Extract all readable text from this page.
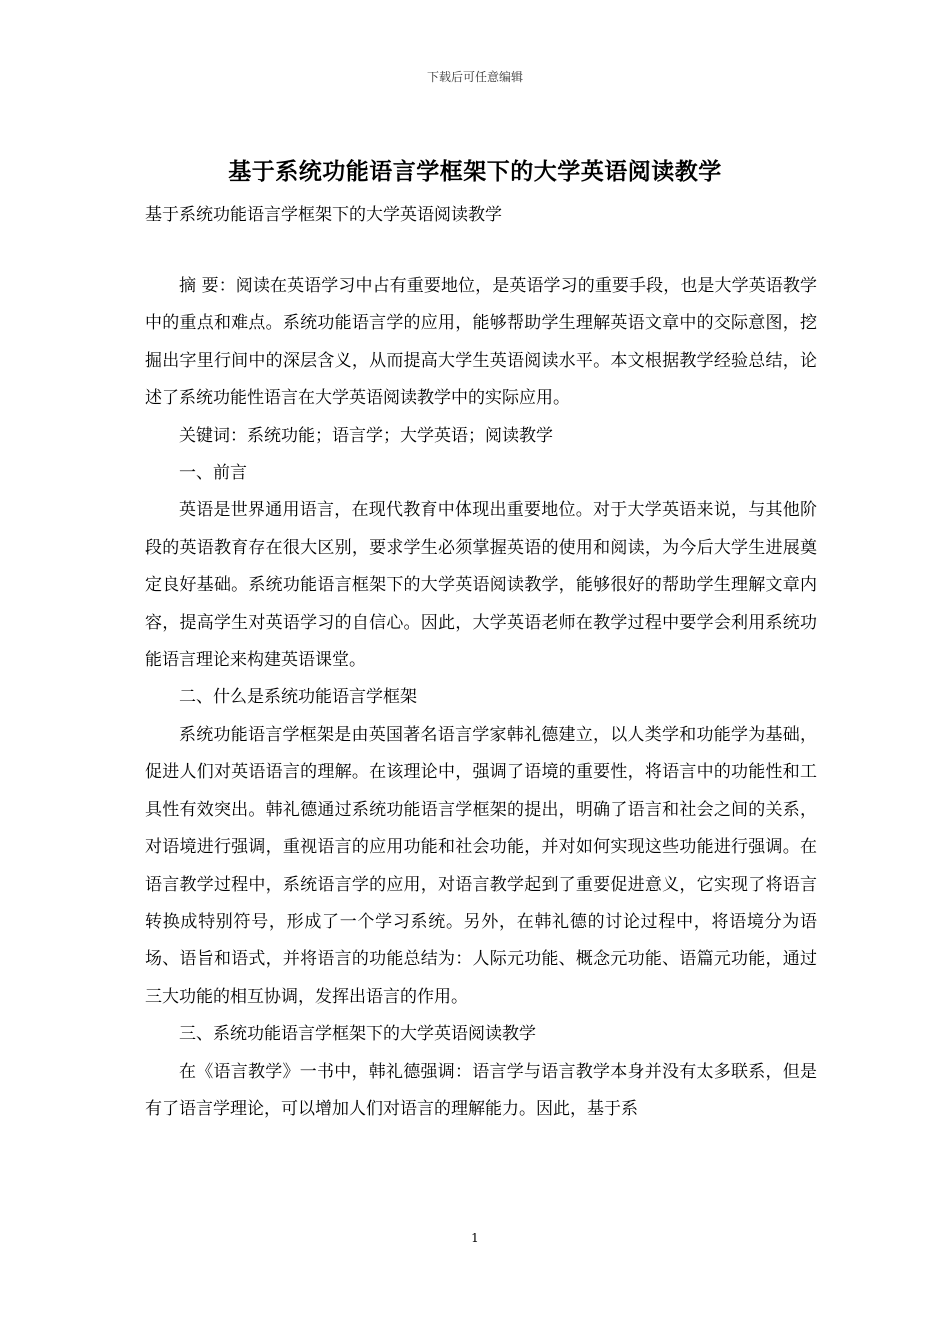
下载后可任意编辑
基于系统功能语言学框架下的大学英语阅读教学
基于系统功能语言学框架下的大学英语阅读教学

摘 要：阅读在英语学习中占有重要地位，是英语学习的重要手段，也是大学英语教学中的重点和难点。系统功能语言学的应用，能够帮助学生理解英语文章中的交际意图，挖掘出字里行间中的深层含义，从而提高大学生英语阅读水平。本文根据教学经验总结，论述了系统功能性语言在大学英语阅读教学中的实际应用。

关键词：系统功能；语言学；大学英语；阅读教学

一、前言

英语是世界通用语言，在现代教育中体现出重要地位。对于大学英语来说，与其他阶段的英语教育存在很大区别，要求学生必须掌握英语的使用和阅读，为今后大学生进展奠定良好基础。系统功能语言框架下的大学英语阅读教学，能够很好的帮助学生理解文章内容，提高学生对英语学习的自信心。因此，大学英语老师在教学过程中要学会利用系统功能语言理论来构建英语课堂。

二、什么是系统功能语言学框架

系统功能语言学框架是由英国著名语言学家韩礼德建立，以人类学和功能学为基础，促进人们对英语语言的理解。在该理论中，强调了语境的重要性，将语言中的功能性和工具性有效突出。韩礼德通过系统功能语言学框架的提出，明确了语言和社会之间的关系，对语境进行强调，重视语言的应用功能和社会功能，并对如何实现这些功能进行强调。在语言教学过程中，系统语言学的应用，对语言教学起到了重要促进意义，它实现了将语言转换成特别符号，形成了一个学习系统。另外，在韩礼德的讨论过程中，将语境分为语场、语旨和语式，并将语言的功能总结为：人际元功能、概念元功能、语篇元功能，通过三大功能的相互协调，发挥出语言的作用。

三、系统功能语言学框架下的大学英语阅读教学

在《语言教学》一书中，韩礼德强调：语言学与语言教学本身并没有太多联系，但是有了语言学理论，可以增加人们对语言的理解能力。因此，基于系

1
